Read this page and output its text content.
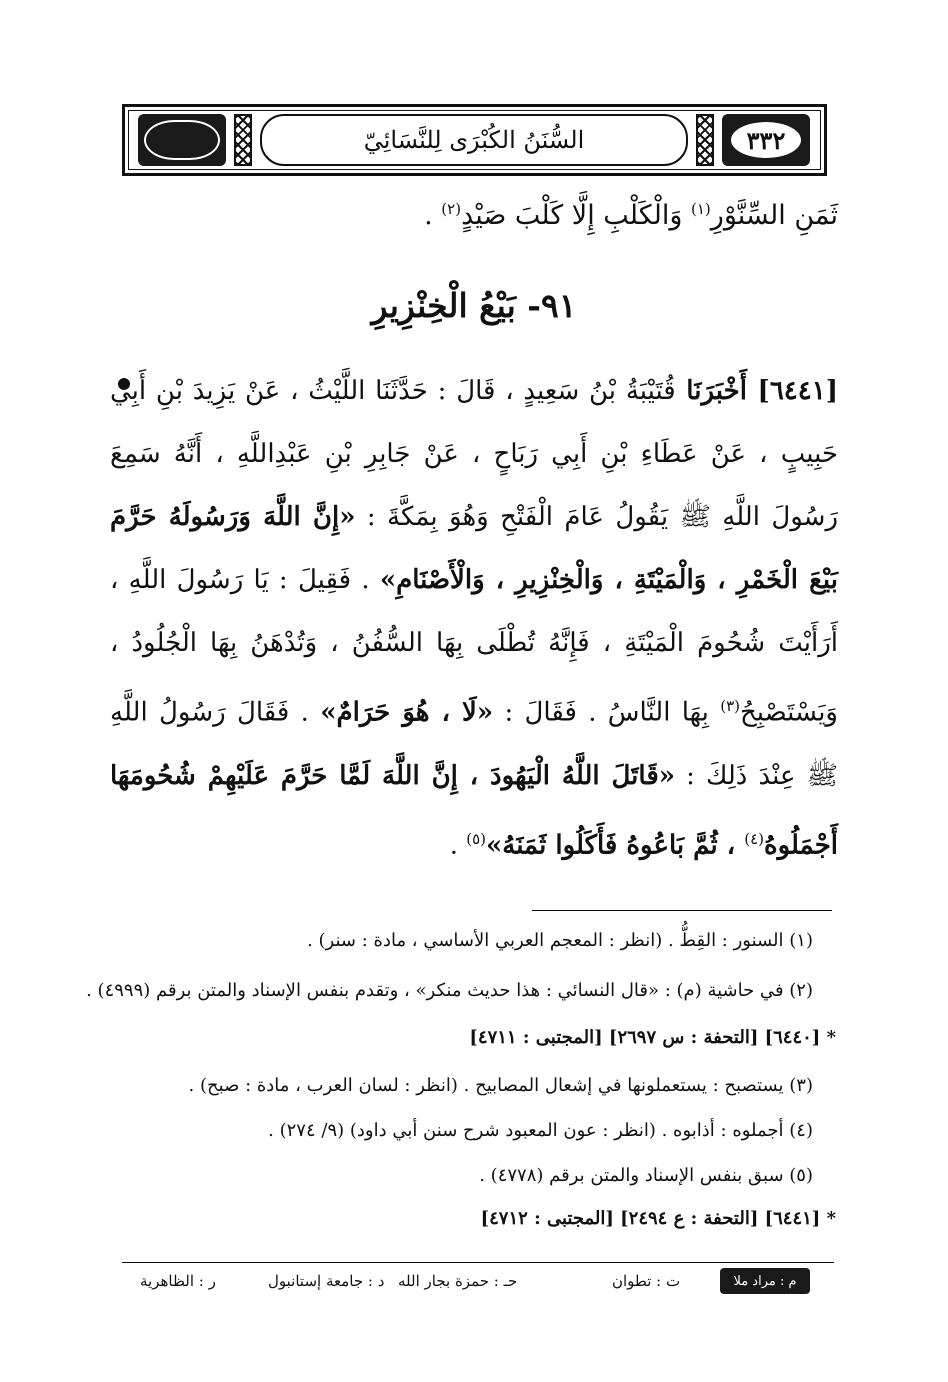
السُّنَنُ الكُبْرَى لِلنَّسَائِيّ	٣٣٢
ثَمَنِ السِّنَّوْرِ$^{(١)}$ وَالْكَلْبِ إِلَّا كَلْبَ صَيْدٍ$^{(٢)}$ .
٩١- بَيْعُ الْخِنْزِيرِ
[٦٤٤١] أَخْبَرَنَا قُتَيْبَةُ بْنُ سَعِيدٍ ، قَالَ : حَدَّثَنَا اللَّيْثُ ، عَنْ يَزِيدَ بْنِ أَبِي حَبِيبٍ ، عَنْ عَطَاءِ بْنِ أَبِي رَبَاحٍ ، عَنْ جَابِرِ بْنِ عَبْدِاللَّهِ ، أَنَّهُ سَمِعَ رَسُولَ اللَّهِ ﷺ يَقُولُ عَامَ الْفَتْحِ وَهُوَ بِمَكَّةَ : «إِنَّ اللَّهَ وَرَسُولَهُ حَرَّمَ بَيْعَ الْخَمْرِ ، وَالْمَيْتَةِ ، وَالْخِنْزِيرِ ، وَالْأَصْنَامِ» . فَقِيلَ : يَا رَسُولَ اللَّهِ ، أَرَأَيْتَ شُحُومَ الْمَيْتَةِ ، فَإِنَّهُ تُطْلَى بِهَا السُّفُنُ ، وَتُدْهَنُ بِهَا الْجُلُودُ ، وَيَسْتَصْبِحُ$^{(٣)}$ بِهَا النَّاسُ . فَقَالَ : «لَا ، هُوَ حَرَامٌ» . فَقَالَ رَسُولُ اللَّهِ ﷺ عِنْدَ ذَلِكَ : «قَاتَلَ اللَّهُ الْيَهُودَ ، إِنَّ اللَّهَ لَمَّا حَرَّمَ عَلَيْهِمْ شُحُومَهَا أَجْمَلُوهُ$^{(٤)}$ ، ثُمَّ بَاعُوهُ فَأَكَلُوا ثَمَنَهُ»$^{(٥)}$ .
(١) السنور : القِطُّ . (انظر : المعجم العربي الأساسي ، مادة : سنر) .
(٢) في حاشية (م) : «قال النسائي : هذا حديث منكر» ، وتقدم بنفس الإسناد والمتن برقم (٤٩٩٩) .
* [٦٤٤٠] [التحفة : س ٢٦٩٧] [المجتبى : ٤٧١١]
(٣) يستصبح : يستعملونها في إشعال المصابيح . (انظر : لسان العرب ، مادة : صبح) .
(٤) أجملوه : أذابوه . (انظر : عون المعبود شرح سنن أبي داود) (٩/ ٢٧٤) .
(٥) سبق بنفس الإسناد والمتن برقم (٤٧٧٨) .
* [٦٤٤١] [التحفة : ع ٢٤٩٤] [المجتبى : ٤٧١٢]
م : مراد ملا
ت : تطوان
حـ : حمزة بجار الله
د : جامعة إستانبول
ر : الظاهرية
